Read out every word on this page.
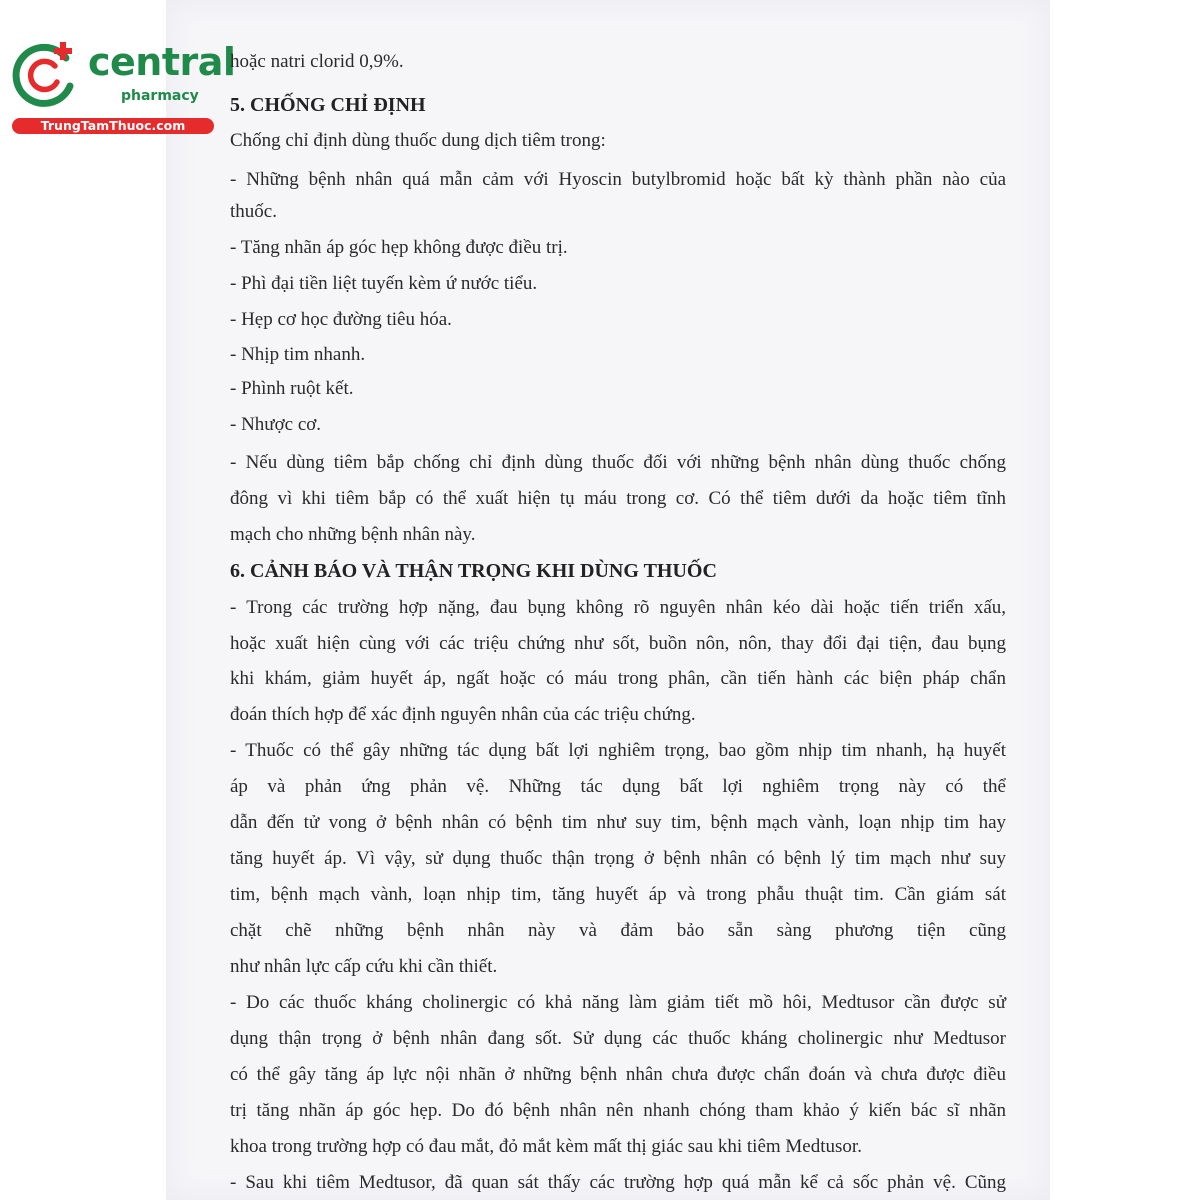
central
pharmacy
TrungTamThuoc.com
hoặc natri clorid 0,9%.
5. CHỐNG CHỈ ĐỊNH
Chống chỉ định dùng thuốc dung dịch tiêm trong:
- Những bệnh nhân quá mẫn cảm với Hyoscin butylbromid hoặc bất kỳ thành phần nào của
thuốc.
- Tăng nhãn áp góc hẹp không được điều trị.
- Phì đại tiền liệt tuyến kèm ứ nước tiểu.
- Hẹp cơ học đường tiêu hóa.
- Nhịp tim nhanh.
- Phình ruột kết.
- Nhược cơ.
- Nếu dùng tiêm bắp chống chỉ định dùng thuốc đối với những bệnh nhân dùng thuốc chống
đông vì khi tiêm bắp có thể xuất hiện tụ máu trong cơ. Có thể tiêm dưới da hoặc tiêm tĩnh
mạch cho những bệnh nhân này.
6. CẢNH BÁO VÀ THẬN TRỌNG KHI DÙNG THUỐC
- Trong các trường hợp nặng, đau bụng không rõ nguyên nhân kéo dài hoặc tiến triển xấu,
hoặc xuất hiện cùng với các triệu chứng như sốt, buồn nôn, nôn, thay đổi đại tiện, đau bụng
khi khám, giảm huyết áp, ngất hoặc có máu trong phân, cần tiến hành các biện pháp chẩn
đoán thích hợp để xác định nguyên nhân của các triệu chứng.
- Thuốc có thể gây những tác dụng bất lợi nghiêm trọng, bao gồm nhịp tim nhanh, hạ huyết
áp và phản ứng phản vệ. Những tác dụng bất lợi nghiêm trọng này có thể
dẫn đến tử vong ở bệnh nhân có bệnh tim như suy tim, bệnh mạch vành, loạn nhịp tim hay
tăng huyết áp. Vì vậy, sử dụng thuốc thận trọng ở bệnh nhân có bệnh lý tim mạch như suy
tim, bệnh mạch vành, loạn nhịp tim, tăng huyết áp và trong phẫu thuật tim. Cần giám sát
chặt chẽ những bệnh nhân này và đảm bảo sẵn sàng phương tiện cũng
như nhân lực cấp cứu khi cần thiết.
- Do các thuốc kháng cholinergic có khả năng làm giảm tiết mồ hôi, Medtusor cần được sử
dụng thận trọng ở bệnh nhân đang sốt. Sử dụng các thuốc kháng cholinergic như Medtusor
có thể gây tăng áp lực nội nhãn ở những bệnh nhân chưa được chẩn đoán và chưa được điều
trị tăng nhãn áp góc hẹp. Do đó bệnh nhân nên nhanh chóng tham khảo ý kiến bác sĩ nhãn
khoa trong trường hợp có đau mắt, đỏ mắt kèm mất thị giác sau khi tiêm Medtusor.
- Sau khi tiêm Medtusor, đã quan sát thấy các trường hợp quá mẫn kể cả sốc phản vệ. Cũng
